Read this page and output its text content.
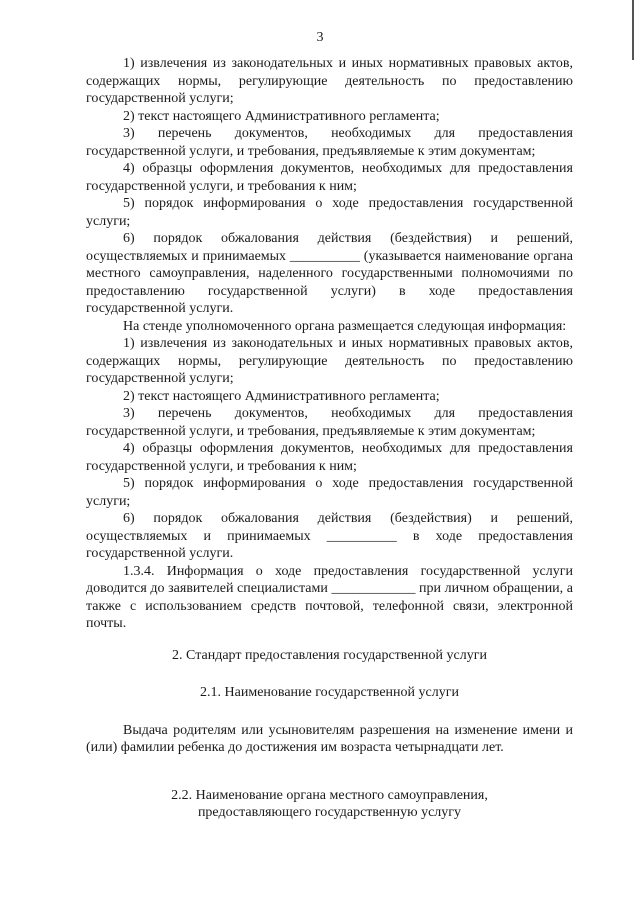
3

1) извлечения из законодательных и иных нормативных правовых актов, содержащих нормы, регулирующие деятельность по предоставлению государственной услуги;

2) текст настоящего Административного регламента;

3) перечень документов, необходимых для предоставления государственной услуги, и требования, предъявляемые к этим документам;

4) образцы оформления документов, необходимых для предоставления государственной услуги, и требования к ним;

5) порядок информирования о ходе предоставления государственной услуги;

6) порядок обжалования действия (бездействия) и решений, осуществляемых и принимаемых __________ (указывается наименование органа местного самоуправления, наделенного государственными полномочиями по предоставлению государственной услуги) в ходе предоставления государственной услуги.

На стенде уполномоченного органа размещается следующая информация:

1) извлечения из законодательных и иных нормативных правовых актов, содержащих нормы, регулирующие деятельность по предоставлению государственной услуги;

2) текст настоящего Административного регламента;

3) перечень документов, необходимых для предоставления государственной услуги, и требования, предъявляемые к этим документам;

4) образцы оформления документов, необходимых для предоставления государственной услуги, и требования к ним;

5) порядок информирования о ходе предоставления государственной услуги;

6) порядок обжалования действия (бездействия) и решений, осуществляемых и принимаемых __________ в ходе предоставления государственной услуги.

1.3.4. Информация о ходе предоставления государственной услуги доводится до заявителей специалистами ____________ при личном обращении, а также с использованием средств почтовой, телефонной связи, электронной почты.

2. Стандарт предоставления государственной услуги

2.1. Наименование государственной услуги

Выдача родителям или усыновителям разрешения на изменение имени и (или) фамилии ребенка до достижения им возраста четырнадцати лет.

2.2. Наименование органа местного самоуправления,

предоставляющего государственную услугу
